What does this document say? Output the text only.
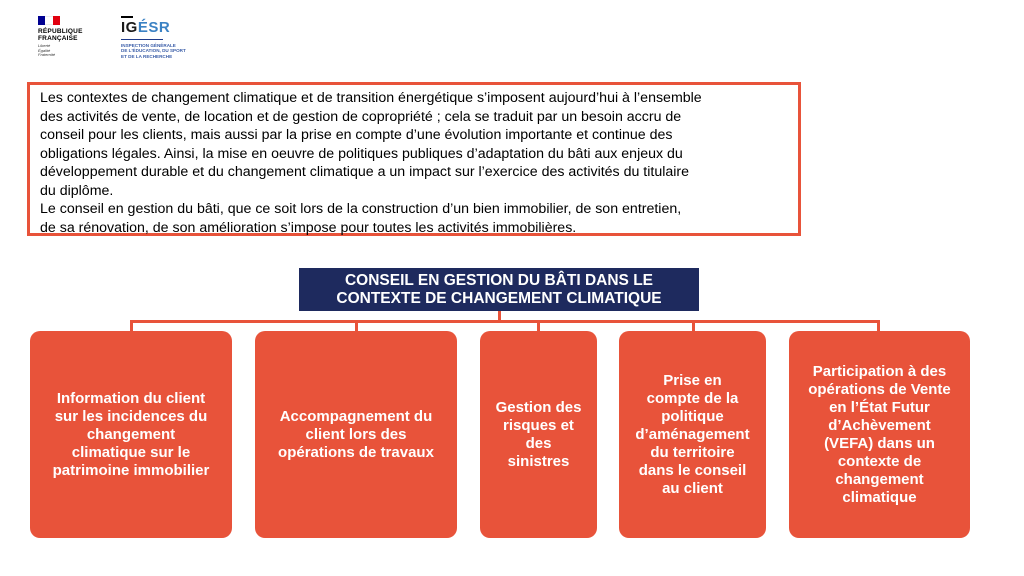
RÉPUBLIQUE
FRANÇAISE
Liberté
Égalité
Fraternité
IGÉSR
INSPECTION GÉNÉRALE
DE L'ÉDUCATION, DU SPORT
ET DE LA RECHERCHE

Les contextes de changement climatique et de transition énergétique s’imposent aujourd’hui à l’ensemble
des activités de vente, de location et de gestion de copropriété ; cela se traduit par un besoin accru de
conseil pour les clients, mais aussi par la prise en compte d’une évolution importante et continue des
obligations légales. Ainsi, la mise en oeuvre de politiques publiques d’adaptation du bâti aux enjeux du
développement durable et du changement climatique a un impact sur l’exercice des activités du titulaire
du diplôme.
Le conseil en gestion du bâti, que ce soit lors de la construction d’un bien immobilier, de son entretien,
de sa rénovation, de son amélioration s’impose pour toutes les activités immobilières.

CONSEIL EN GESTION DU BÂTI DANS LE
CONTEXTE DE CHANGEMENT CLIMATIQUE
Information du client
sur les incidences du
changement
climatique sur le
patrimoine immobilier
Accompagnement du
client lors des
opérations de travaux
Gestion des
risques et
des
sinistres
Prise en
compte de la
politique
d’aménagement
du territoire
dans le conseil
au client
Participation à des
opérations de Vente
en l’État Futur
d’Achèvement
(VEFA) dans un
contexte de
changement
climatique
